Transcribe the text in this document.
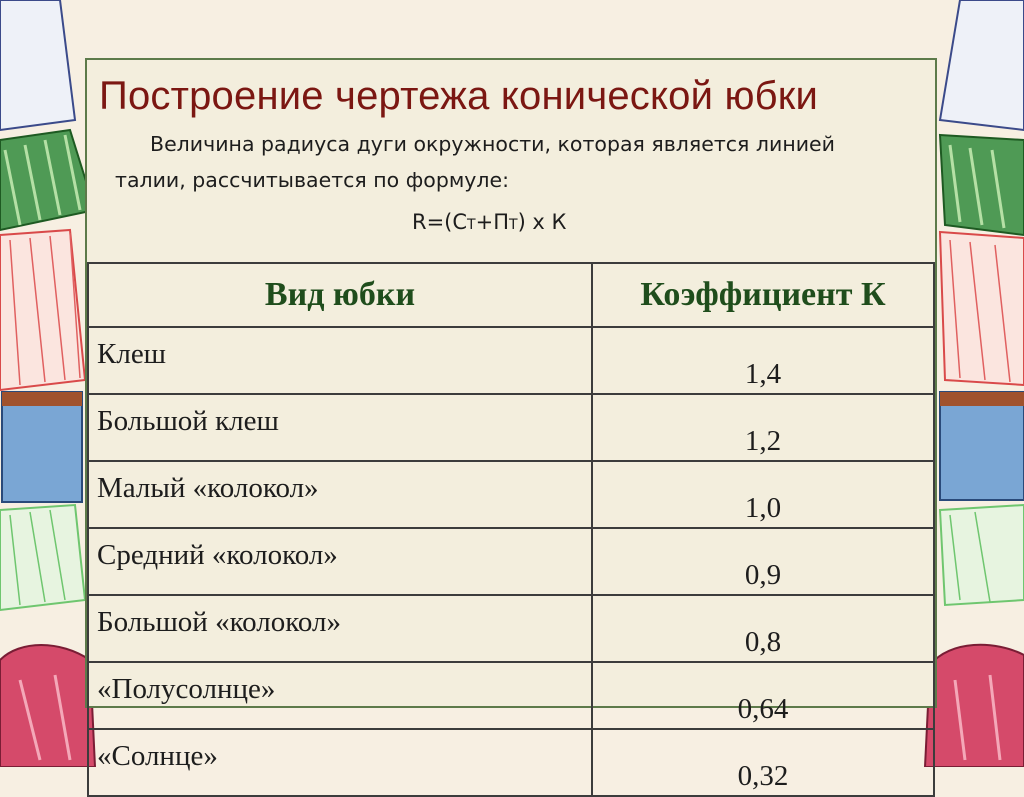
Построение чертежа конической юбки

Величина радиуса дуги окружности, которая является линией талии, рассчитывается по формуле:

R=(СТ+ПТ) х К
Вид юбки	Коэффициент К
Клеш	1,4
Большой клеш	1,2
Малый «колокол»	1,0
Средний «колокол»	0,9
Большой «колокол»	0,8
«Полусолнце»	0,64
«Солнце»	0,32
